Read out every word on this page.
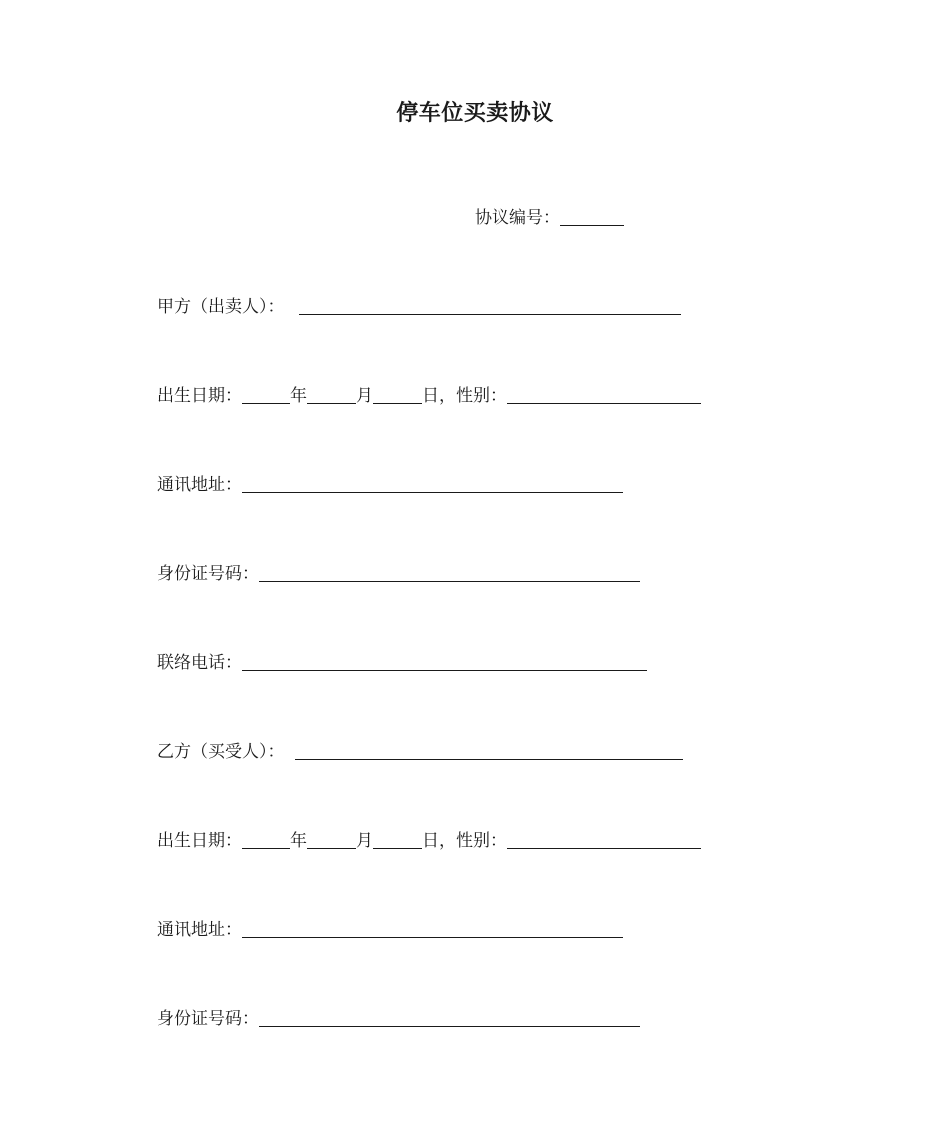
停车位买卖协议
协议编号：
甲方（出卖人）：
出生日期：	年	月	日，性别：
通讯地址：
身份证号码：
联络电话：
乙方（买受人）：
出生日期：	年	月	日，性别：
通讯地址：
身份证号码：
